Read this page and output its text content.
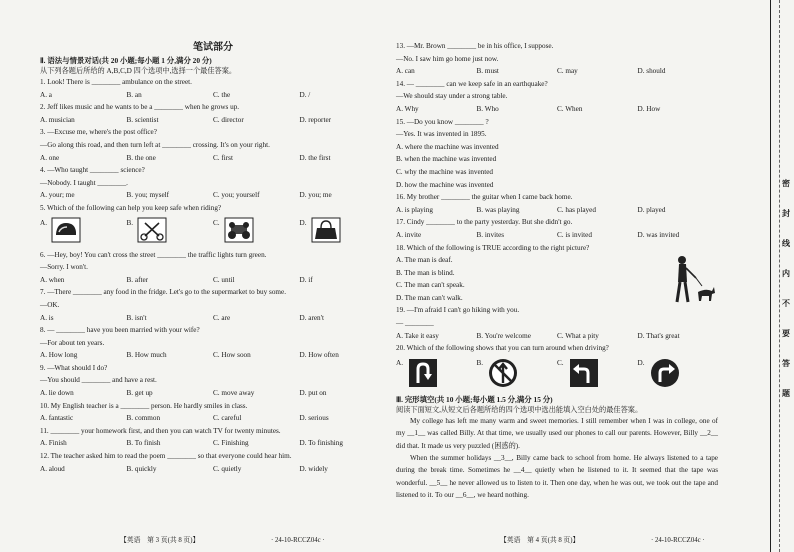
笔试部分
Ⅱ. 语法与情景对话(共 20 小题;每小题 1 分,满分 20 分)
从下列各题后所给的 A,B,C,D 四个选项中,选择一个最佳答案。
1. Look! There is ________ ambulance on the street.
A. a	B. an	C. the	D. /
2. Jeff likes music and he wants to be a ________ when he grows up.
A. musician	B. scientist	C. director	D. reporter
3. —Excuse me, where's the post office?
—Go along this road, and then turn left at ________ crossing. It's on your right.
A. one	B. the one	C. first	D. the first
4. —Who taught ________ science?
—Nobody. I taught ________.
A. your; me	B. you; myself	C. you; yourself	D. you; me
5. Which of the following can help you keep safe when riding?
A.	B.	C.	D.
6. —Hey, boy! You can't cross the street ________ the traffic lights turn green.
—Sorry. I won't.
A. when	B. after	C. until	D. if
7. —There ________ any food in the fridge. Let's go to the supermarket to buy some.
—OK.
A. is	B. isn't	C. are	D. aren't
8. — ________ have you been married with your wife?
—For about ten years.
A. How long	B. How much	C. How soon	D. How often
9. —What should I do?
—You should ________ and have a rest.
A. lie down	B. get up	C. move away	D. put on
10. My English teacher is a ________ person. He hardly smiles in class.
A. fantastic	B. common	C. careful	D. serious
11. ________ your homework first, and then you can watch TV for twenty minutes.
A. Finish	B. To finish	C. Finishing	D. To finishing
12. The teacher asked him to read the poem ________ so that everyone could hear him.
A. aloud	B. quickly	C. quietly	D. widely
【英语　第 3 页(共 8 页)】	· 24-10-RCCZ04c ·
13. —Mr. Brown ________ be in his office, I suppose.
—No. I saw him go home just now.
A. can	B. must	C. may	D. should
14. — ________ can we keep safe in an earthquake?
—We should stay under a strong table.
A. Why	B. Who	C. When	D. How
15. —Do you know ________ ?
—Yes. It was invented in 1895.
A. where the machine was invented
B. when the machine was invented
C. why the machine was invented
D. how the machine was invented
16. My brother ________ the guitar when I came back home.
A. is playing	B. was playing	C. has played	D. played
17. Cindy ________ to the party yesterday. But she didn't go.
A. invite	B. invites	C. is invited	D. was invited
18. Which of the following is TRUE according to the right picture?
A. The man is deaf.
B. The man is blind.
C. The man can't speak.
D. The man can't walk.
19. —I'm afraid I can't go hiking with you.
— ________
A. Take it easy	B. You're welcome	C. What a pity	D. That's great
20. Which of the following shows that you can turn around when driving?
A.	B.	C.	D.
Ⅲ. 完形填空(共 10 小题;每小题 1.5 分,满分 15 分)
阅读下面短文,从短文后各题所给的四个选项中选出能填入空白处的最佳答案。
My college has left me many warm and sweet memories. I still remember when I was in college, one of my __1__ was called Billy. At that time, we usually used our phones to call our parents. However, Billy __2__ did that. It made us very puzzled (困惑的).
When the summer holidays __3__, Billy came back to school from home. He always listened to a tape during the break time. Sometimes he __4__ quietly when he listened to it. It seemed that the tape was wonderful. __5__ he never allowed us to listen to it. Then one day, when he was out, we took out the tape and listened to it. To our __6__, we heard nothing.
【英语　第 4 页(共 8 页)】	· 24-10-RCCZ04c ·
密
封
线
内
不
要
答
题
